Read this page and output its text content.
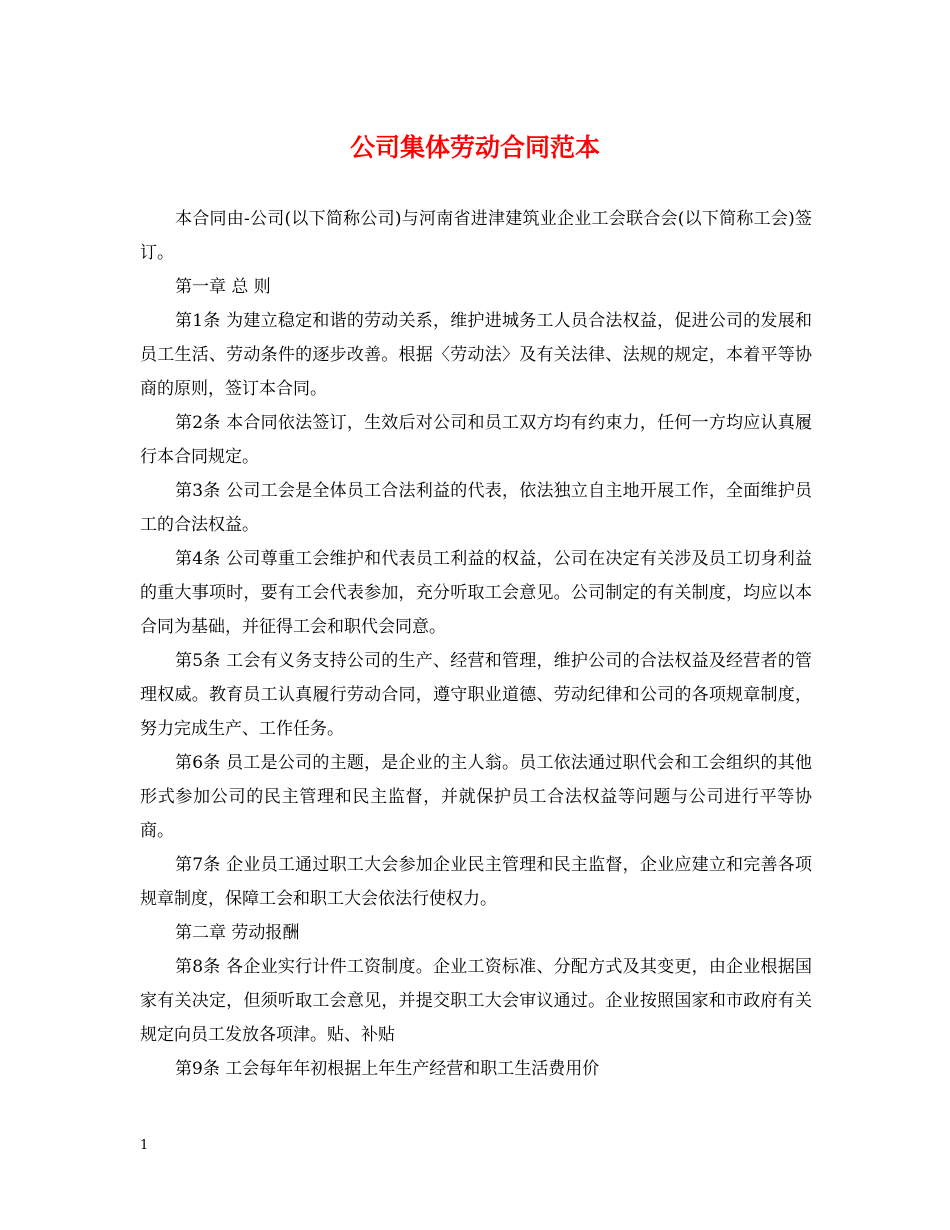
公司集体劳动合同范本

本合同由-公司(以下简称公司)与河南省进津建筑业企业工会联合会(以下简称工会)签订。

第一章 总 则

第1条 为建立稳定和谐的劳动关系，维护进城务工人员合法权益，促进公司的发展和员工生活、劳动条件的逐步改善。根据〈劳动法〉及有关法律、法规的规定，本着平等协商的原则，签订本合同。

第2条 本合同依法签订，生效后对公司和员工双方均有约束力，任何一方均应认真履行本合同规定。

第3条 公司工会是全体员工合法利益的代表，依法独立自主地开展工作，全面维护员工的合法权益。

第4条 公司尊重工会维护和代表员工利益的权益，公司在决定有关涉及员工切身利益的重大事项时，要有工会代表参加，充分听取工会意见。公司制定的有关制度，均应以本合同为基础，并征得工会和职代会同意。

第5条 工会有义务支持公司的生产、经营和管理，维护公司的合法权益及经营者的管理权威。教育员工认真履行劳动合同，遵守职业道德、劳动纪律和公司的各项规章制度，努力完成生产、工作任务。

第6条 员工是公司的主题，是企业的主人翁。员工依法通过职代会和工会组织的其他形式参加公司的民主管理和民主监督，并就保护员工合法权益等问题与公司进行平等协商。

第7条 企业员工通过职工大会参加企业民主管理和民主监督，企业应建立和完善各项规章制度，保障工会和职工大会依法行使权力。

第二章 劳动报酬

第8条 各企业实行计件工资制度。企业工资标准、分配方式及其变更，由企业根据国家有关决定，但须听取工会意见，并提交职工大会审议通过。企业按照国家和市政府有关规定向员工发放各项津。贴、补贴

第9条 工会每年年初根据上年生产经营和职工生活费用价

1
